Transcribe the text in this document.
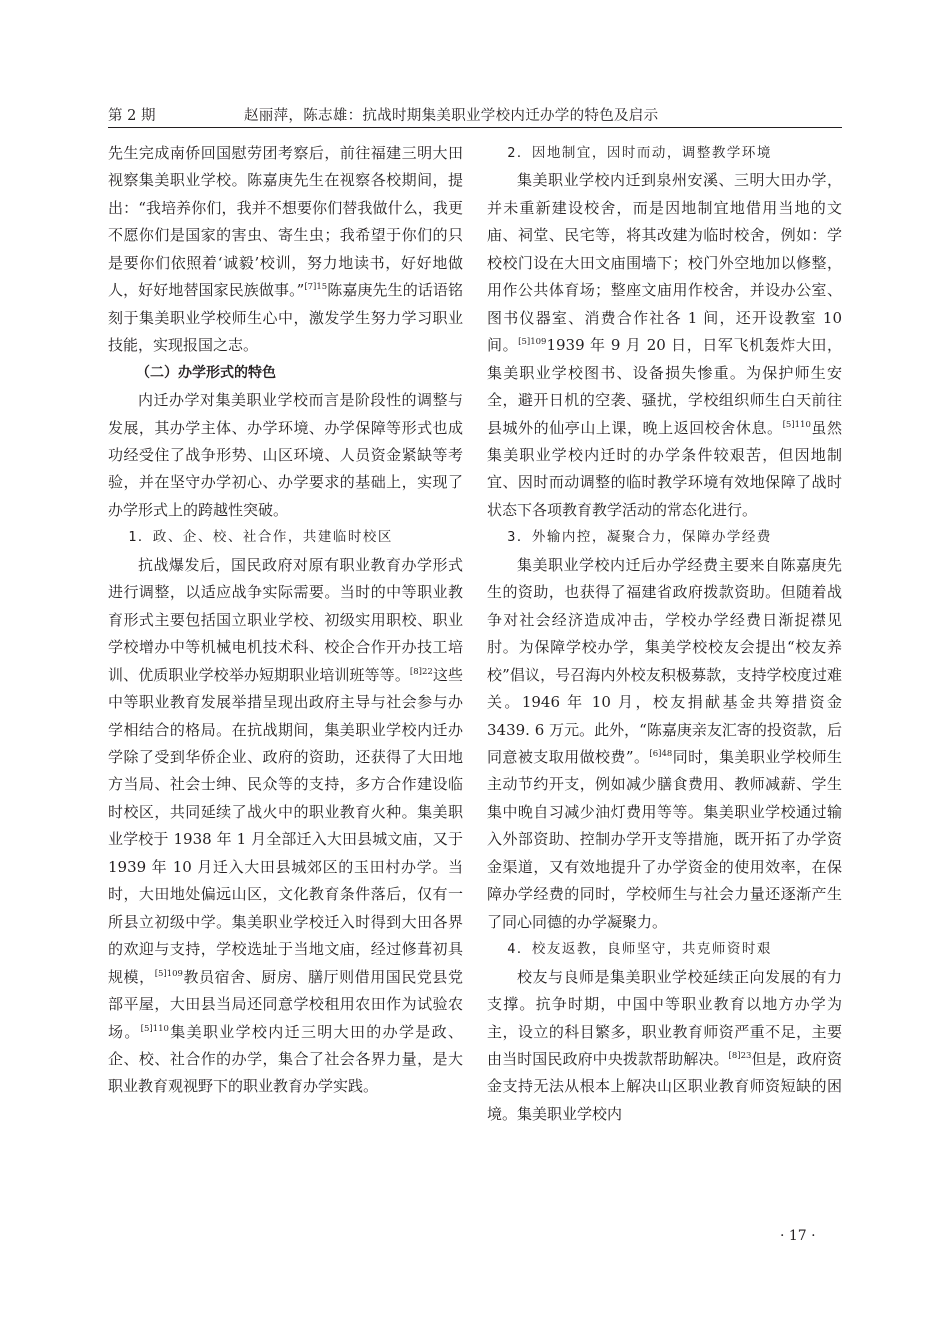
第 2 期	赵丽萍，陈志雄：抗战时期集美职业学校内迁办学的特色及启示

先生完成南侨回国慰劳团考察后，前往福建三明大田视察集美职业学校。陈嘉庚先生在视察各校期间，提出：“我培养你们，我并不想要你们替我做什么，我更不愿你们是国家的害虫、寄生虫；我希望于你们的只是要你们依照着‘诚毅’校训，努力地读书，好好地做人，好好地替国家民族做事。”$^{[7]15}$陈嘉庚先生的话语铭刻于集美职业学校师生心中，激发学生努力学习职业技能，实现报国之志。

（二）办学形式的特色

内迁办学对集美职业学校而言是阶段性的调整与发展，其办学主体、办学环境、办学保障等形式也成功经受住了战争形势、山区环境、人员资金紧缺等考验，并在坚守办学初心、办学要求的基础上，实现了办学形式上的跨越性突破。

1．政、企、校、社合作，共建临时校区

抗战爆发后，国民政府对原有职业教育办学形式进行调整，以适应战争实际需要。当时的中等职业教育形式主要包括国立职业学校、初级实用职校、职业学校增办中等机械电机技术科、校企合作开办技工培训、优质职业学校举办短期职业培训班等等。$^{[8]22}$这些中等职业教育发展举措呈现出政府主导与社会参与办学相结合的格局。在抗战期间，集美职业学校内迁办学除了受到华侨企业、政府的资助，还获得了大田地方当局、社会士绅、民众等的支持，多方合作建设临时校区，共同延续了战火中的职业教育火种。集美职业学校于 1938 年 1 月全部迁入大田县城文庙，又于 1939 年 10 月迁入大田县城郊区的玉田村办学。当时，大田地处偏远山区，文化教育条件落后，仅有一所县立初级中学。集美职业学校迁入时得到大田各界的欢迎与支持，学校选址于当地文庙，经过修葺初具规模，$^{[5]109}$教员宿舍、厨房、膳厅则借用国民党县党部平屋，大田县当局还同意学校租用农田作为试验农场。$^{[5]110}$集美职业学校内迁三明大田的办学是政、企、校、社合作的办学，集合了社会各界力量，是大职业教育观视野下的职业教育办学实践。

2．因地制宜，因时而动，调整教学环境

集美职业学校内迁到泉州安溪、三明大田办学，并未重新建设校舍，而是因地制宜地借用当地的文庙、祠堂、民宅等，将其改建为临时校舍，例如：学校校门设在大田文庙围墙下；校门外空地加以修整，用作公共体育场；整座文庙用作校舍，并设办公室、图书仪器室、消费合作社各 1 间，还开设教室 10 间。$^{[5]109}$1939 年 9 月 20 日，日军飞机轰炸大田，集美职业学校图书、设备损失惨重。为保护师生安全，避开日机的空袭、骚扰，学校组织师生白天前往县城外的仙亭山上课，晚上返回校舍休息。$^{[5]110}$虽然集美职业学校内迁时的办学条件较艰苦，但因地制宜、因时而动调整的临时教学环境有效地保障了战时状态下各项教育教学活动的常态化进行。

3．外输内控，凝聚合力，保障办学经费

集美职业学校内迁后办学经费主要来自陈嘉庚先生的资助，也获得了福建省政府拨款资助。但随着战争对社会经济造成冲击，学校办学经费日渐捉襟见肘。为保障学校办学，集美学校校友会提出“校友养校”倡议，号召海内外校友积极募款，支持学校度过难关。1946 年 10 月，校友捐献基金共筹措资金 3439. 6 万元。此外，“陈嘉庚亲友汇寄的投资款，后同意被支取用做校费”。$^{[6]48}$同时，集美职业学校师生主动节约开支，例如减少膳食费用、教师减薪、学生集中晚自习减少油灯费用等等。集美职业学校通过输入外部资助、控制办学开支等措施，既开拓了办学资金渠道，又有效地提升了办学资金的使用效率，在保障办学经费的同时，学校师生与社会力量还逐渐产生了同心同德的办学凝聚力。

4．校友返教，良师坚守，共克师资时艰

校友与良师是集美职业学校延续正向发展的有力支撑。抗争时期，中国中等职业教育以地方办学为主，设立的科目繁多，职业教育师资严重不足，主要由当时国民政府中央拨款帮助解决。$^{[8]23}$但是，政府资金支持无法从根本上解决山区职业教育师资短缺的困境。集美职业学校内

· 17 ·
